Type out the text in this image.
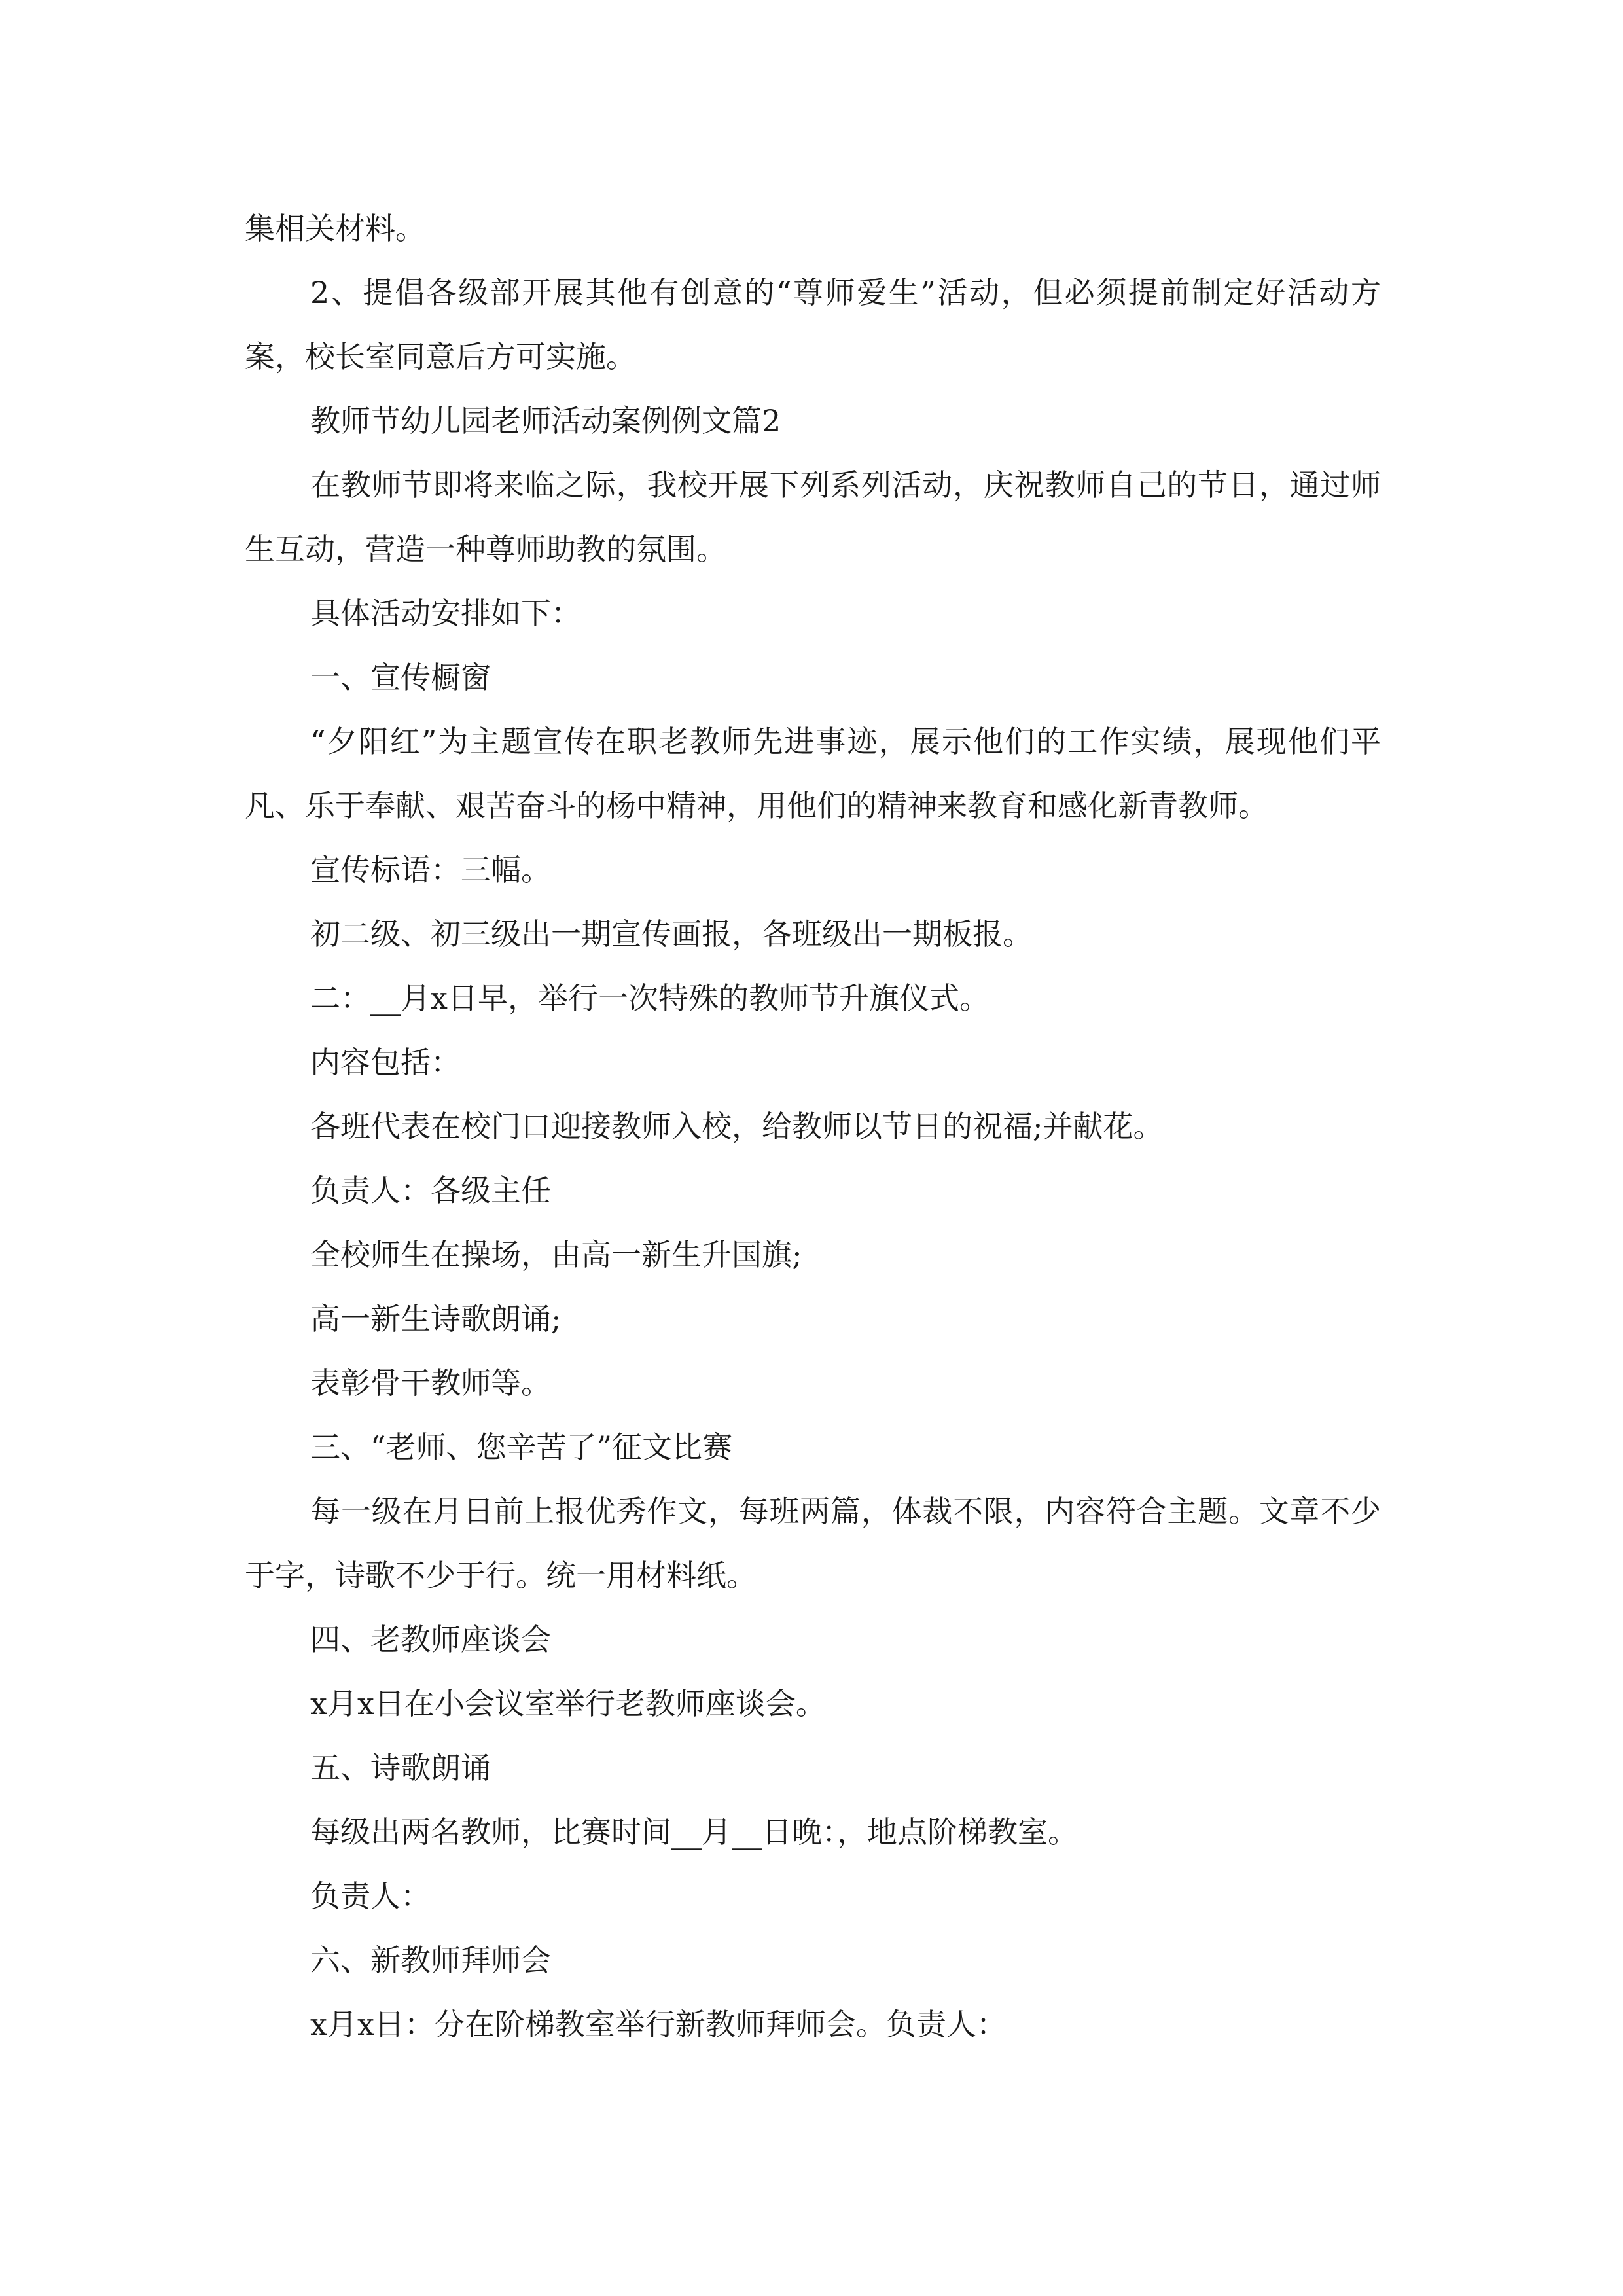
集相关材料。

2、提倡各级部开展其他有创意的“尊师爱生”活动，但必须提前制定好活动方案，校长室同意后方可实施。

教师节幼儿园老师活动案例例文篇2

在教师节即将来临之际，我校开展下列系列活动，庆祝教师自己的节日，通过师生互动，营造一种尊师助教的氛围。

具体活动安排如下：

一、宣传橱窗

“夕阳红”为主题宣传在职老教师先进事迹，展示他们的工作实绩，展现他们平凡、乐于奉献、艰苦奋斗的杨中精神，用他们的精神来教育和感化新青教师。

宣传标语：三幅。

初二级、初三级出一期宣传画报，各班级出一期板报。

二：__月x日早，举行一次特殊的教师节升旗仪式。

内容包括：

各班代表在校门口迎接教师入校，给教师以节日的祝福;并献花。

负责人：各级主任

全校师生在操场，由高一新生升国旗;

高一新生诗歌朗诵;

表彰骨干教师等。

三、“老师、您辛苦了”征文比赛

每一级在月日前上报优秀作文，每班两篇，体裁不限，内容符合主题。文章不少于字，诗歌不少于行。统一用材料纸。

四、老教师座谈会

x月x日在小会议室举行老教师座谈会。

五、诗歌朗诵

每级出两名教师，比赛时间__月__日晚：，地点阶梯教室。

负责人：

六、新教师拜师会

x月x日：分在阶梯教室举行新教师拜师会。负责人：
